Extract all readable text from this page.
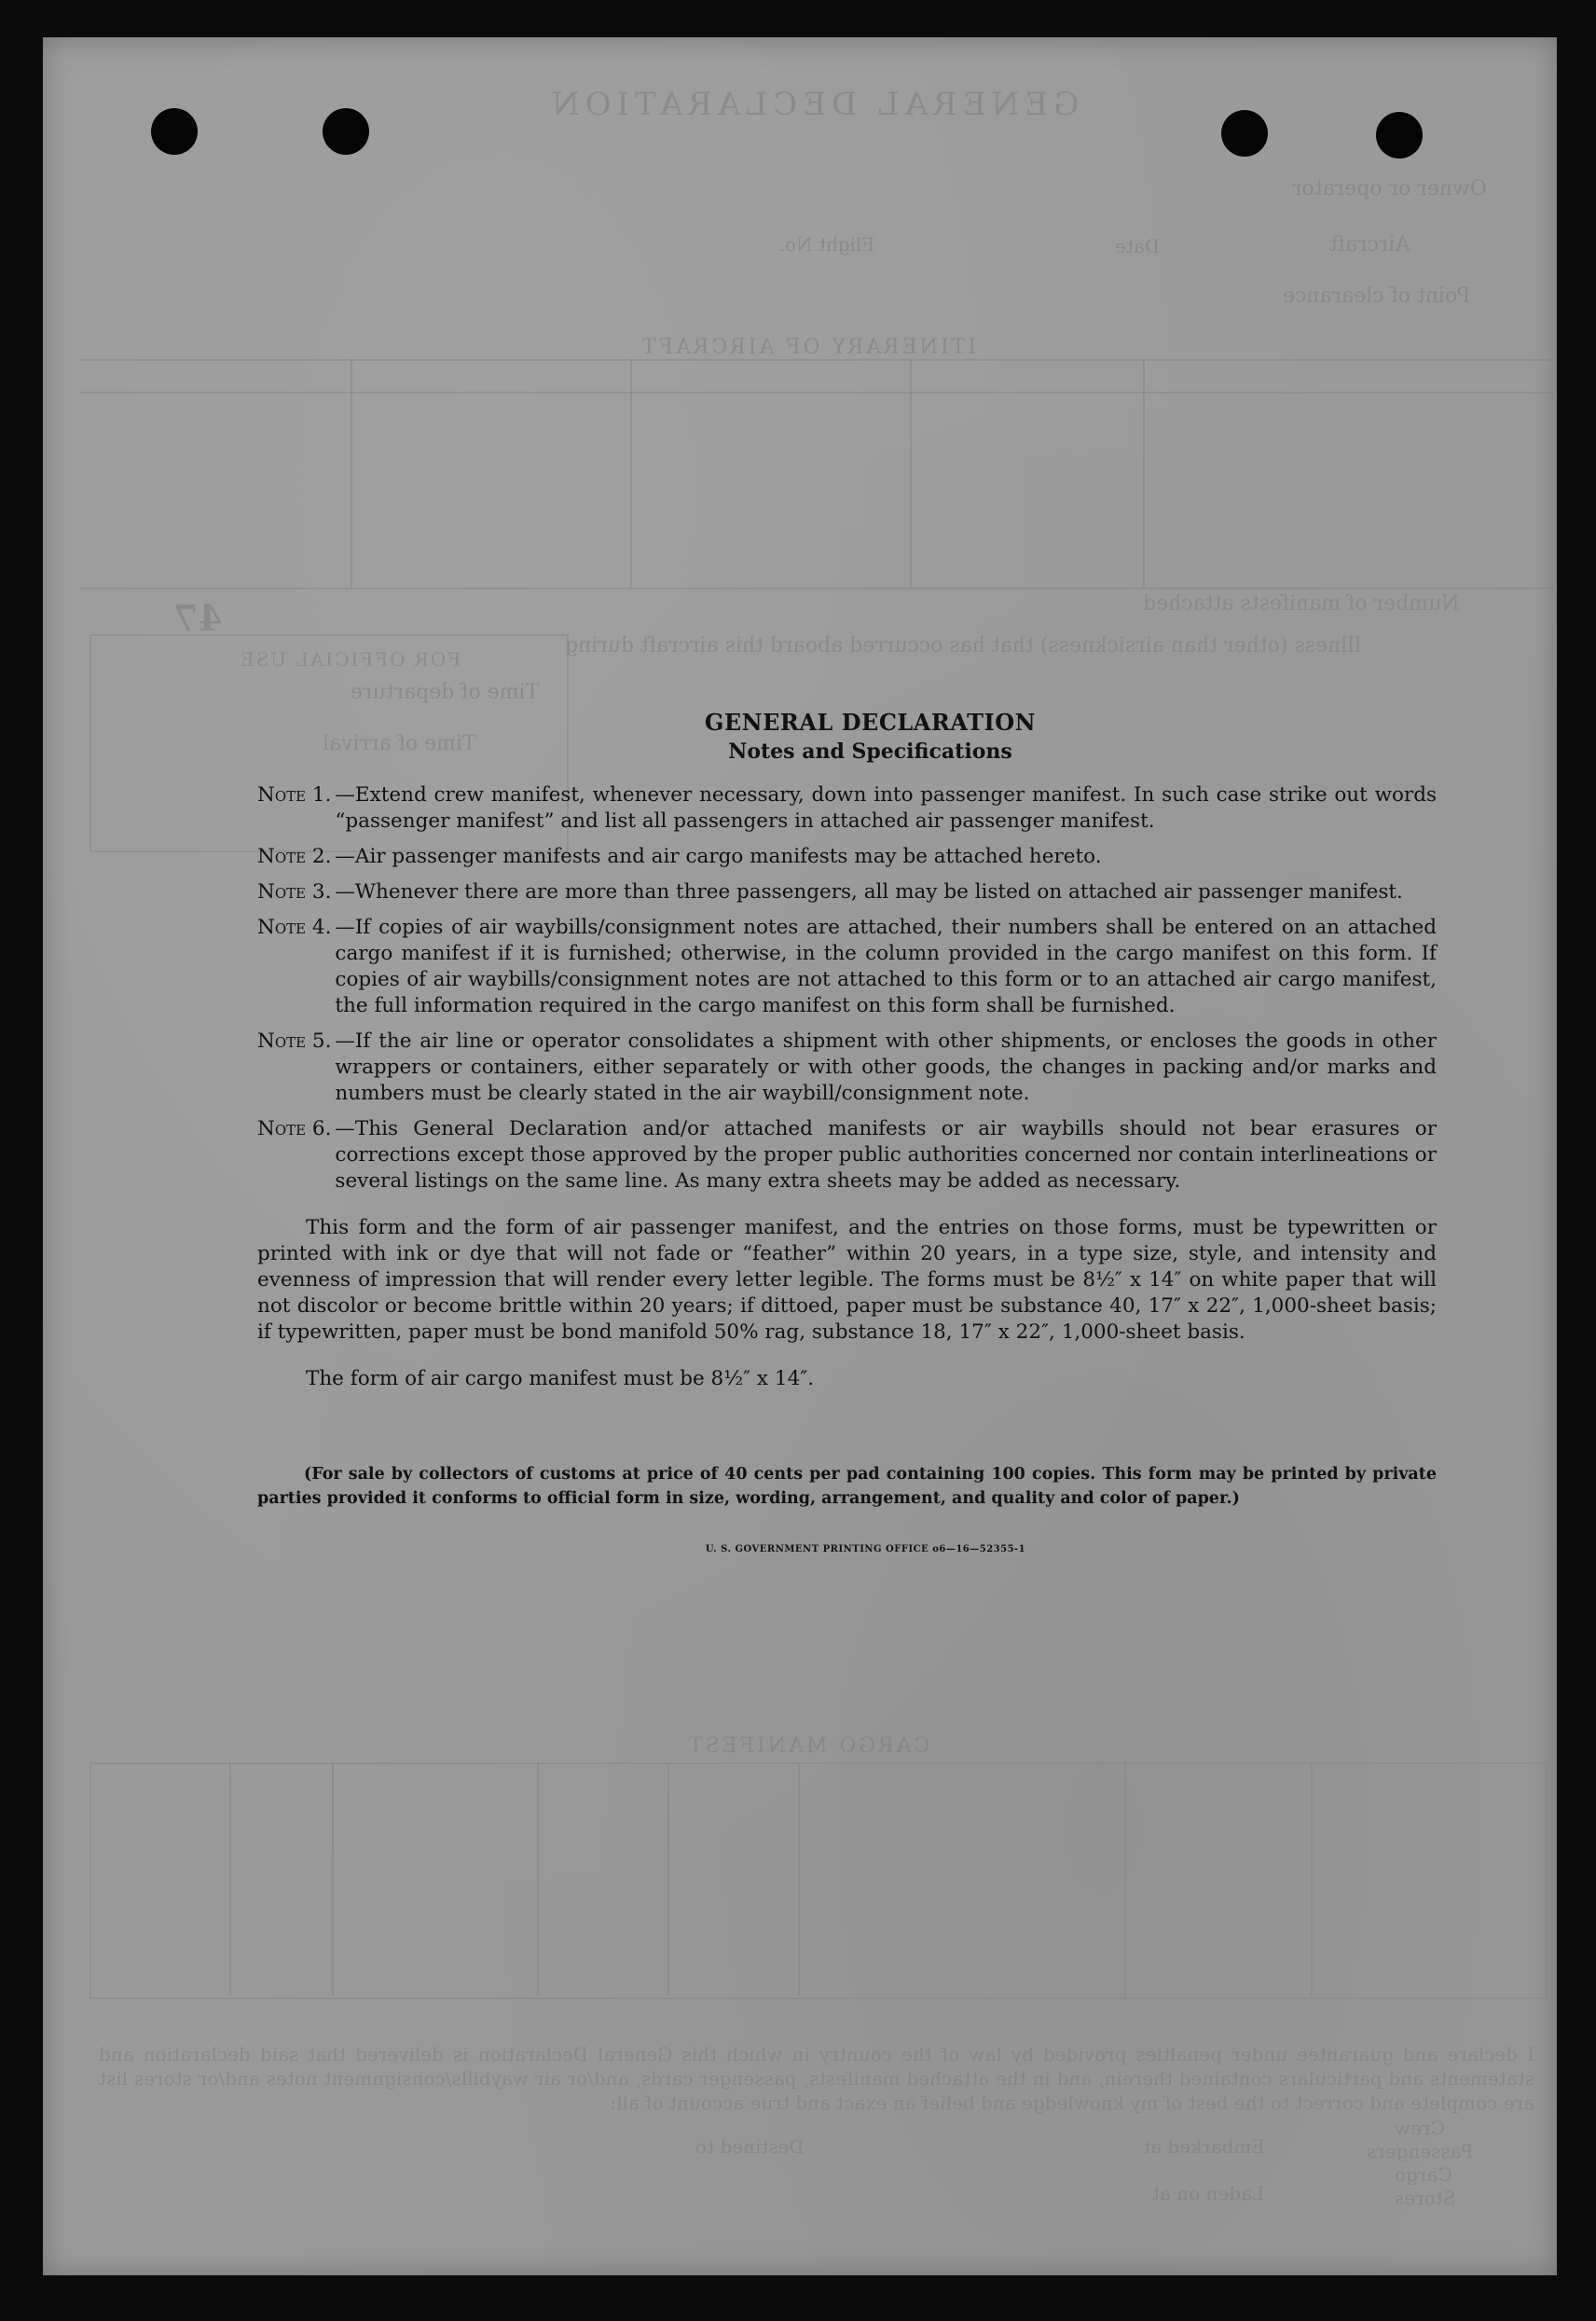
GENERAL DECLARATION
Owner or operator
Aircraft
Flight No.	Date
Point of clearance
ITINERARY OF AIRCRAFT
47	Number of manifests attached
Illness (other than airsickness) that has occurred aboard this aircraft during
FOR OFFICIAL USE
Time of departure
Time of arrival
CARGO MANIFEST
I declare and guarantee under penalties provided by law of the country in which this General Declaration is delivered that said declaration and statements and particulars contained therein, and in the attached manifests, passenger cards, and/or air waybills/consignment notes and/or stores list are complete and correct to the best of my knowledge and belief an exact and true account of all:
Embarked at
Destined to
Laden on at
Crew
Passengers
Cargo
Stores
GENERAL DECLARATION
Notes and Specifications
Note 1. —Extend crew manifest, whenever necessary, down into passenger manifest. In such case strike out words “passenger manifest” and list all passengers in attached air passenger manifest.
Note 2. —Air passenger manifests and air cargo manifests may be attached hereto.
Note 3. —Whenever there are more than three passengers, all may be listed on attached air passenger manifest.
Note 4. —If copies of air waybills/consignment notes are attached, their numbers shall be entered on an attached cargo manifest if it is furnished; otherwise, in the column provided in the cargo manifest on this form. If copies of air waybills/consignment notes are not attached to this form or to an attached air cargo manifest, the full information required in the cargo manifest on this form shall be furnished.
Note 5. —If the air line or operator consolidates a shipment with other shipments, or encloses the goods in other wrappers or containers, either separately or with other goods, the changes in packing and/or marks and numbers must be clearly stated in the air waybill/consignment note.
Note 6. —This General Declaration and/or attached manifests or air waybills should not bear erasures or corrections except those approved by the proper public authorities concerned nor contain interlineations or several listings on the same line. As many extra sheets may be added as necessary.

This form and the form of air passenger manifest, and the entries on those forms, must be typewritten or printed with ink or dye that will not fade or “feather” within 20 years, in a type size, style, and intensity and evenness of impression that will render every letter legible. The forms must be 8½″ x 14″ on white paper that will not discolor or become brittle within 20 years; if dittoed, paper must be substance 40, 17″ x 22″, 1,000-sheet basis; if typewritten, paper must be bond manifold 50% rag, substance 18, 17″ x 22″, 1,000-sheet basis.

The form of air cargo manifest must be 8½″ x 14″.

(For sale by collectors of customs at price of 40 cents per pad containing 100 copies. This form may be printed by private parties provided it conforms to official form in size, wording, arrangement, and quality and color of paper.)
U. S. GOVERNMENT PRINTING OFFICE o6—16—52355-1
